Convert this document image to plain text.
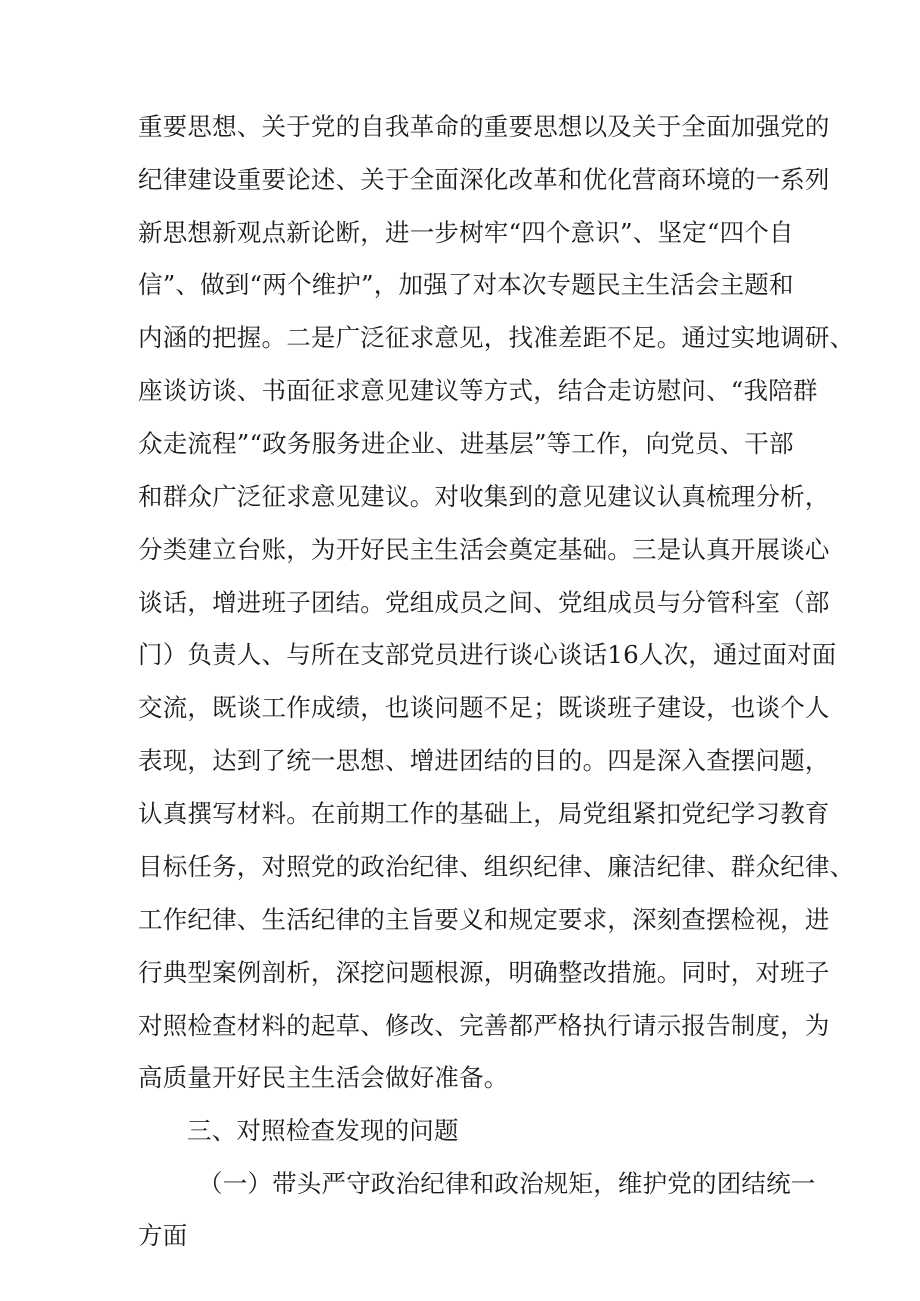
重要思想、关于党的自我革命的重要思想以及关于全面加强党的
纪律建设重要论述、关于全面深化改革和优化营商环境的一系列
新思想新观点新论断，进一步树牢“四个意识”、坚定“四个自
信”、做到“两个维护”，加强了对本次专题民主生活会主题和
内涵的把握。二是广泛征求意见，找准差距不足。通过实地调研、
座谈访谈、书面征求意见建议等方式，结合走访慰问、“我陪群
众走流程”“政务服务进企业、进基层”等工作，向党员、干部
和群众广泛征求意见建议。对收集到的意见建议认真梳理分析，
分类建立台账，为开好民主生活会奠定基础。三是认真开展谈心
谈话，增进班子团结。党组成员之间、党组成员与分管科室（部
门）负责人、与所在支部党员进行谈心谈话16人次，通过面对面
交流，既谈工作成绩，也谈问题不足；既谈班子建设，也谈个人
表现，达到了统一思想、增进团结的目的。四是深入查摆问题，
认真撰写材料。在前期工作的基础上，局党组紧扣党纪学习教育
目标任务，对照党的政治纪律、组织纪律、廉洁纪律、群众纪律、
工作纪律、生活纪律的主旨要义和规定要求，深刻查摆检视，进
行典型案例剖析，深挖问题根源，明确整改措施。同时，对班子
对照检查材料的起草、修改、完善都严格执行请示报告制度，为
高质量开好民主生活会做好准备。
三、对照检查发现的问题
（一）带头严守政治纪律和政治规矩，维护党的团结统一
方面
